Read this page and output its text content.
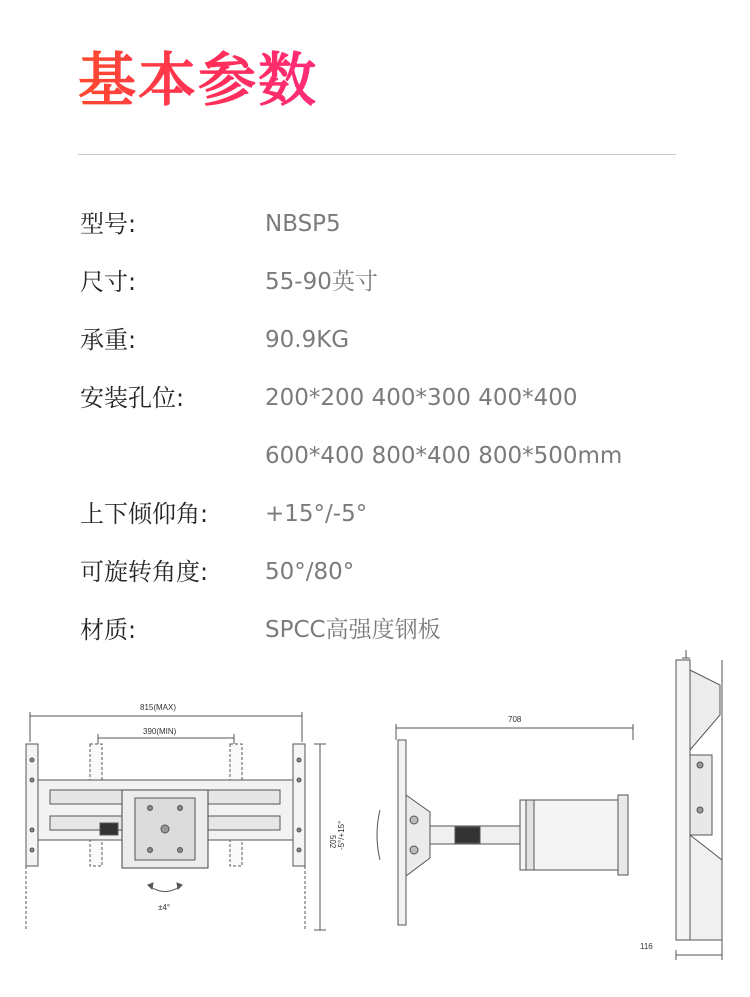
基本参数
型号:	NBSP5
尺寸:	55-90英寸
承重:	90.9KG
安装孔位:	200*200 400*300 400*400
600*400 800*400 800*500mm
上下倾仰角: +15°/-5°
可旋转角度: 50°/80°
材质:	SPCC高强度钢板
815(MAX)
390(MIN)
502
±4°
708
-5°/+15°
116
